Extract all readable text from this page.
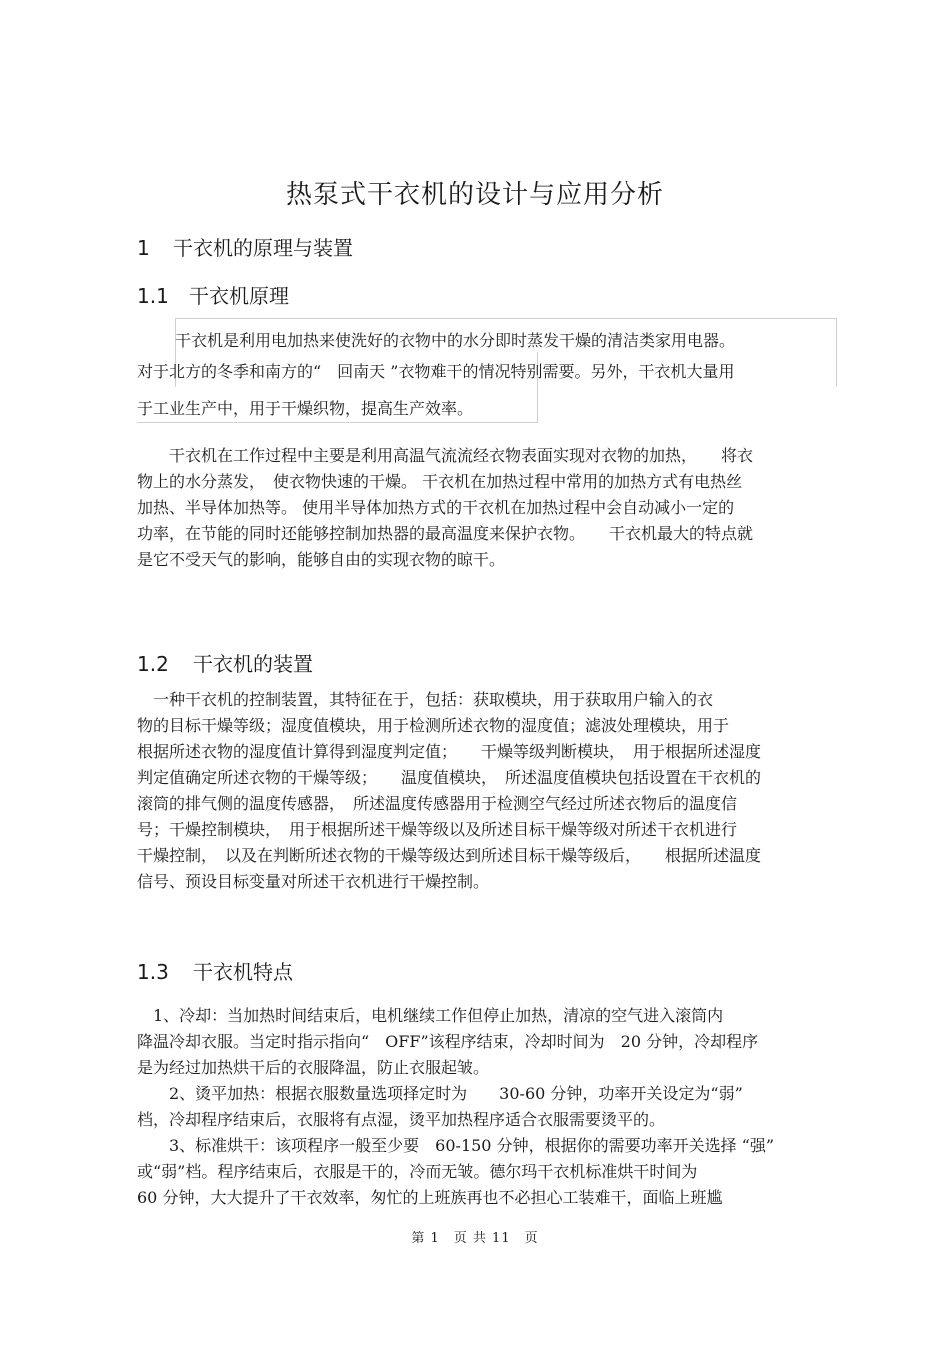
热泵式干衣机的设计与应用分析
1 干衣机的原理与装置
1.1 干衣机原理
干衣机是利用电加热来使洗好的衣物中的水分即时蒸发干燥的清洁类家用电器。
对于北方的冬季和南方的“　回南天 ”衣物难干的情况特别需要。另外，干衣机大量用
于工业生产中，用于干燥织物，提高生产效率。
　　干衣机在工作过程中主要是利用高温气流流经衣物表面实现对衣物的加热，　　将衣
物上的水分蒸发，　使衣物快速的干燥。 干衣机在加热过程中常用的加热方式有电热丝
加热、半导体加热等。 使用半导体加热方式的干衣机在加热过程中会自动减小一定的
功率，在节能的同时还能够控制加热器的最高温度来保护衣物。　　干衣机最大的特点就
是它不受天气的影响，能够自由的实现衣物的晾干。
1.2 干衣机的装置
　一种干衣机的控制装置，其特征在于，包括：获取模块，用于获取用户输入的衣
物的目标干燥等级；湿度值模块，用于检测所述衣物的湿度值；滤波处理模块，用于
根据所述衣物的湿度值计算得到湿度判定值；　　干燥等级判断模块，　用于根据所述湿度
判定值确定所述衣物的干燥等级；　　温度值模块，　所述温度值模块包括设置在干衣机的
滚筒的排气侧的温度传感器，　所述温度传感器用于检测空气经过所述衣物后的温度信
号；干燥控制模块，　用于根据所述干燥等级以及所述目标干燥等级对所述干衣机进行
干燥控制，　以及在判断所述衣物的干燥等级达到所述目标干燥等级后，　　根据所述温度
信号、预设目标变量对所述干衣机进行干燥控制。
1.3 干衣机特点
　1、冷却：当加热时间结束后，电机继续工作但停止加热，清凉的空气进入滚筒内
降温冷却衣服。当定时指示指向“　OFF”该程序结束，冷却时间为　20 分钟，冷却程序
是为经过加热烘干后的衣服降温，防止衣服起皱。
　　2、烫平加热：根据衣服数量选项择定时为　　30-60 分钟，功率开关设定为“弱”
档，冷却程序结束后，衣服将有点湿，烫平加热程序适合衣服需要烫平的。
　　3、标准烘干：该项程序一般至少要　60-150 分钟，根据你的需要功率开关选择 “强”
或“弱”档。程序结束后，衣服是干的，冷而无皱。德尔玛干衣机标准烘干时间为
60 分钟，大大提升了干衣效率，匆忙的上班族再也不必担心工装难干，面临上班尴
第 1　页 共 11　页
